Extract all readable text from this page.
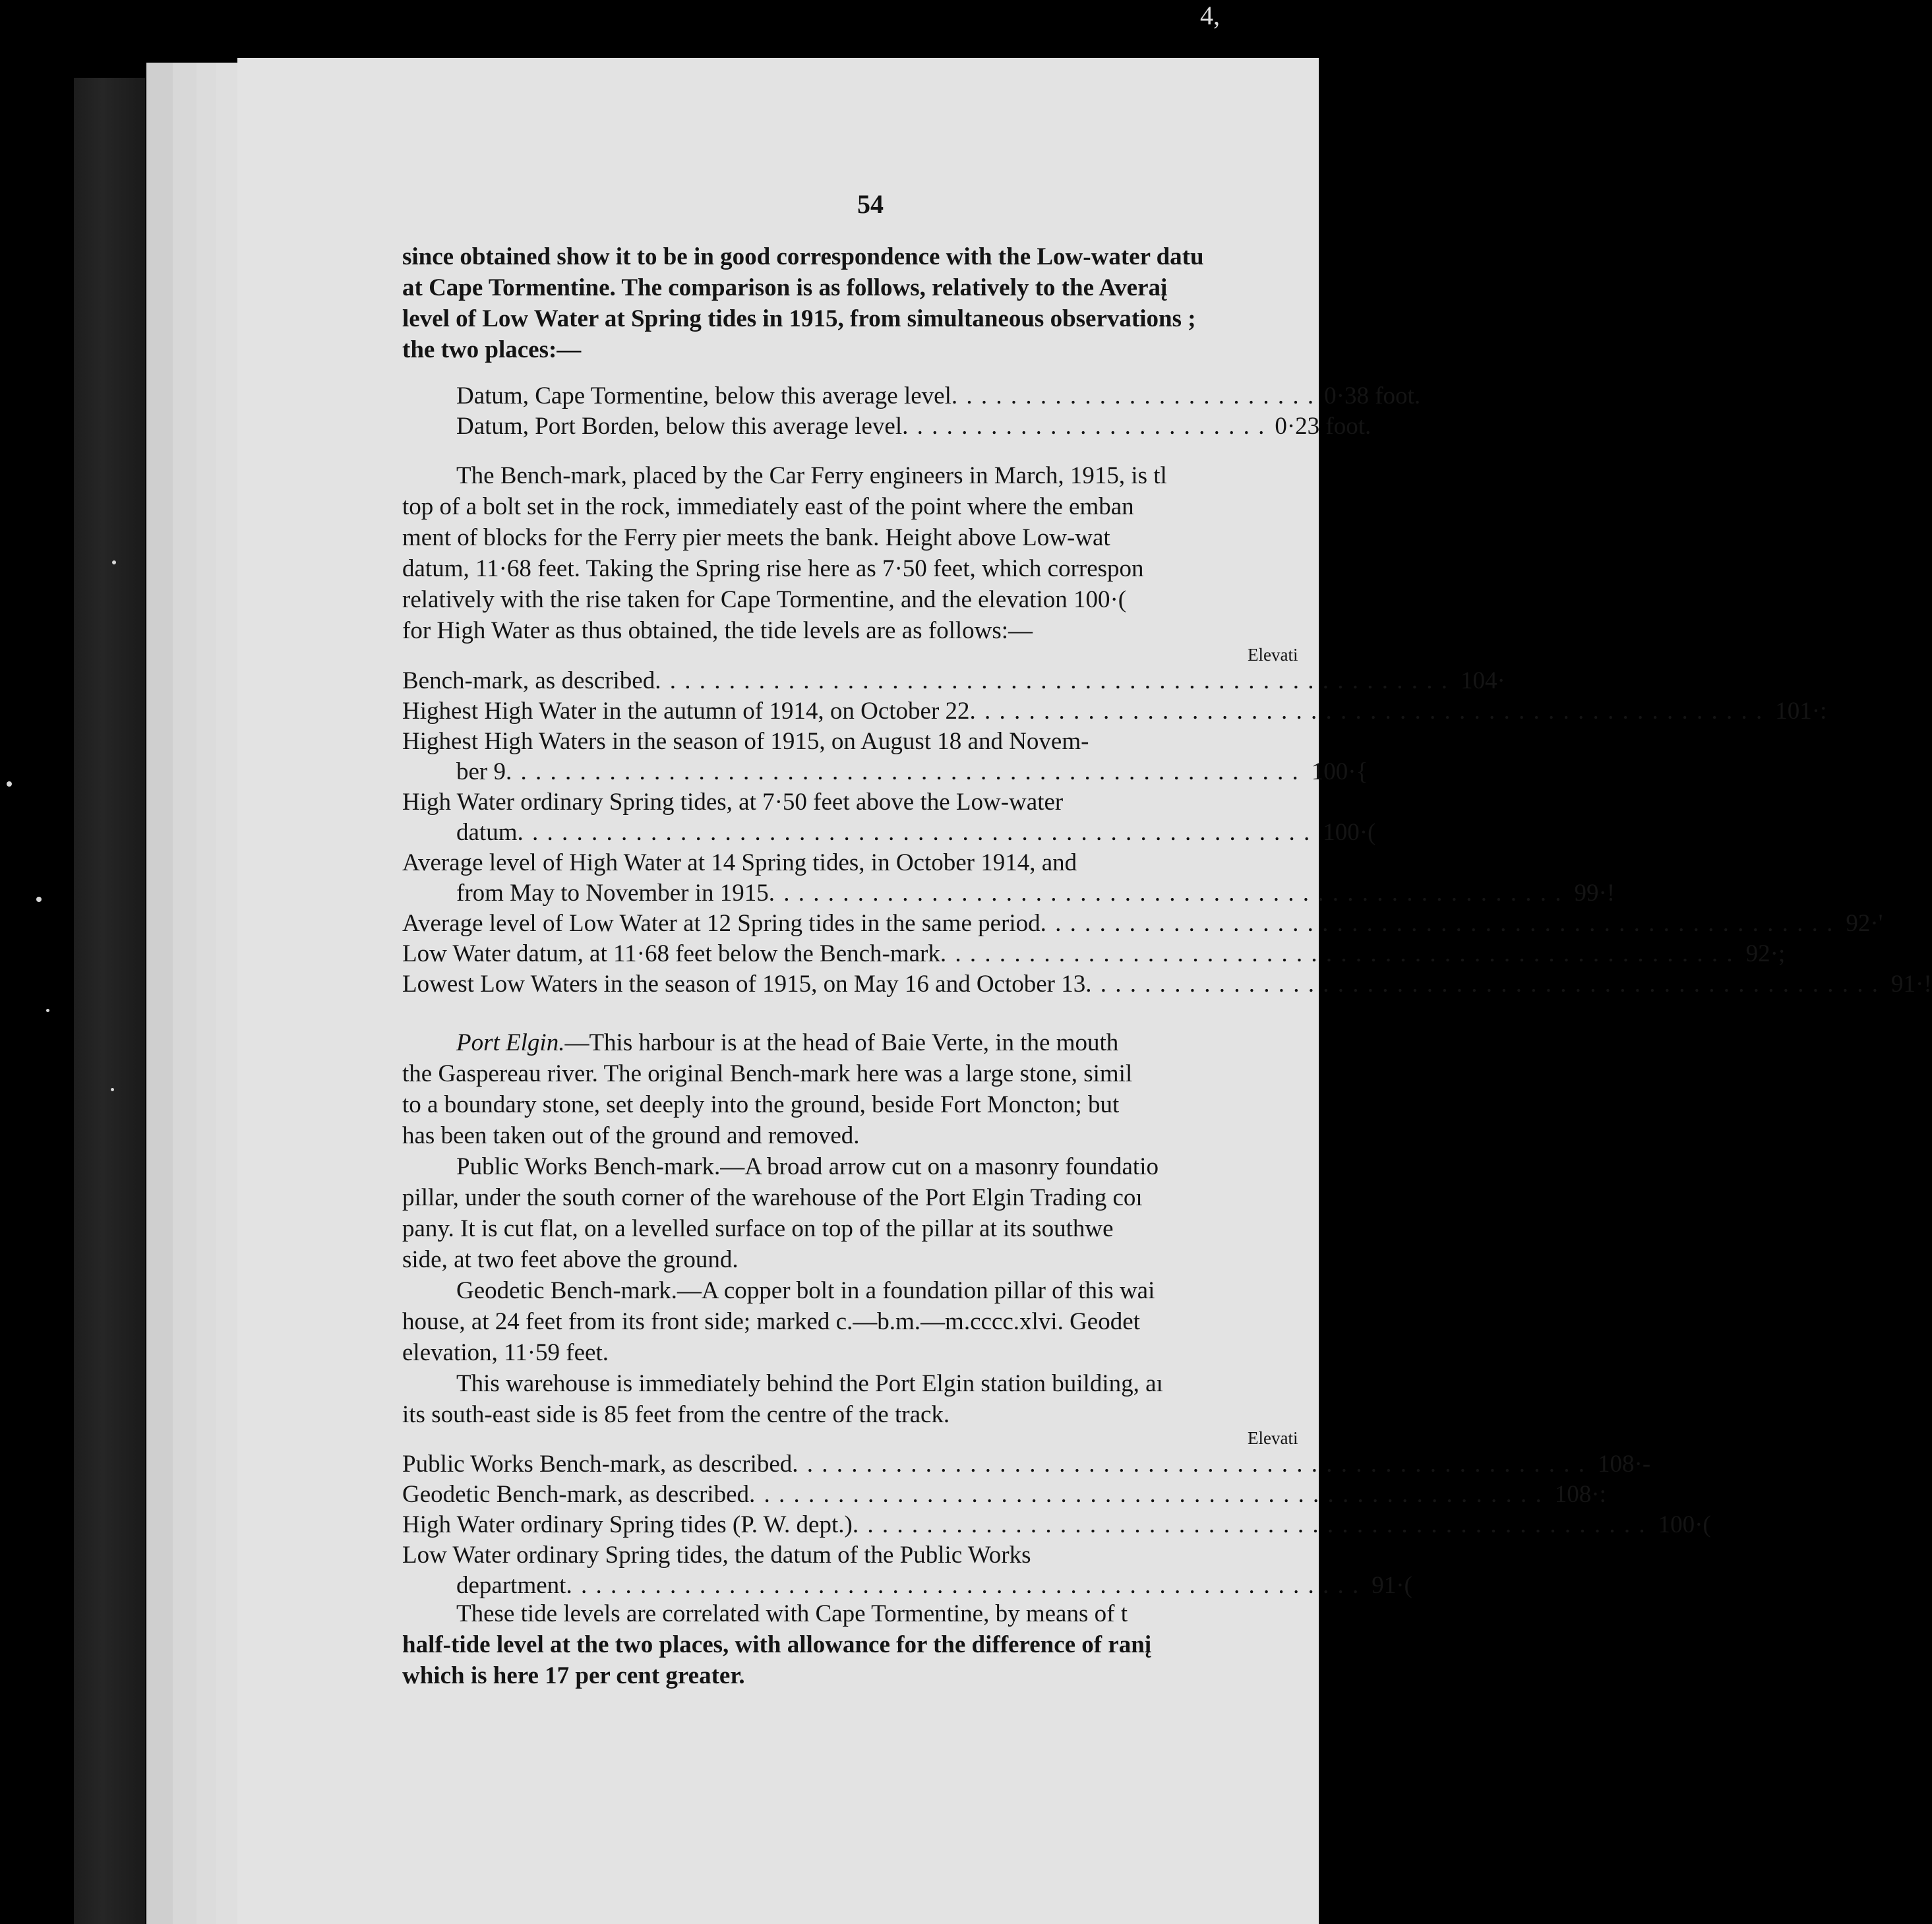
4,
54
since obtained show it to be in good correspondence with the Low-water datu
at Cape Tormentine. The comparison is as follows, relatively to the Averaį
level of Low Water at Spring tides in 1915, from simultaneous observations ;
the two places:—
Datum, Cape Tormentine, below this average level . . . . . . . . . . . . . . . . . . . . . . . . . 0·38 foot.
Datum, Port Borden, below this average level . . . . . . . . . . . . . . . . . . . . . . . . . 0·23 foot.
The Bench-mark, placed by the Car Ferry engineers in March, 1915, is tl
top of a bolt set in the rock, immediately east of the point where the emban
ment of blocks for the Ferry pier meets the bank. Height above Low-wat
datum, 11·68 feet. Taking the Spring rise here as 7·50 feet, which correspon
relatively with the rise taken for Cape Tormentine, and the elevation 100·(
for High Water as thus obtained, the tide levels are as follows:—
Elevati
Bench-mark, as described . . . . . . . . . . . . . . . . . . . . . . . . . . . . . . . . . . . . . . . . . . . . . . . . . . . . . . 104·
Highest High Water in the autumn of 1914, on October 22 . . . . . . . . . . . . . . . . . . . . . . . . . . . . . . . . . . . . . . . . . . . . . . . . . . . . . . 101·:
Highest High Waters in the season of 1915, on August 18 and Novem-
ber 9 . . . . . . . . . . . . . . . . . . . . . . . . . . . . . . . . . . . . . . . . . . . . . . . . . . . . . . 100·{
High Water ordinary Spring tides, at 7·50 feet above the Low-water
datum . . . . . . . . . . . . . . . . . . . . . . . . . . . . . . . . . . . . . . . . . . . . . . . . . . . . . . 100·(
Average level of High Water at 14 Spring tides, in October 1914, and
from May to November in 1915 . . . . . . . . . . . . . . . . . . . . . . . . . . . . . . . . . . . . . . . . . . . . . . . . . . . . . . 99·!
Average level of Low Water at 12 Spring tides in the same period . . . . . . . . . . . . . . . . . . . . . . . . . . . . . . . . . . . . . . . . . . . . . . . . . . . . . . 92·'
Low Water datum, at 11·68 feet below the Bench-mark . . . . . . . . . . . . . . . . . . . . . . . . . . . . . . . . . . . . . . . . . . . . . . . . . . . . . . 92·;
Lowest Low Waters in the season of 1915, on May 16 and October 13 . . . . . . . . . . . . . . . . . . . . . . . . . . . . . . . . . . . . . . . . . . . . . . . . . . . . . . 91·!
Port Elgin.—This harbour is at the head of Baie Verte, in the mouth
the Gaspereau river. The original Bench-mark here was a large stone, simil
to a boundary stone, set deeply into the ground, beside Fort Moncton; but
has been taken out of the ground and removed.
Public Works Bench-mark.—A broad arrow cut on a masonry foundatio
pillar, under the south corner of the warehouse of the Port Elgin Trading coı
pany. It is cut flat, on a levelled surface on top of the pillar at its southwe
side, at two feet above the ground.
Geodetic Bench-mark.—A copper bolt in a foundation pillar of this wai
house, at 24 feet from its front side; marked c.—b.m.—m.cccc.xlvi. Geodet
elevation, 11·59 feet.
This warehouse is immediately behind the Port Elgin station building, aı
its south-east side is 85 feet from the centre of the track.
Elevati
Public Works Bench-mark, as described . . . . . . . . . . . . . . . . . . . . . . . . . . . . . . . . . . . . . . . . . . . . . . . . . . . . . . 108·-
Geodetic Bench-mark, as described . . . . . . . . . . . . . . . . . . . . . . . . . . . . . . . . . . . . . . . . . . . . . . . . . . . . . . 108·:
High Water ordinary Spring tides (P. W. dept.) . . . . . . . . . . . . . . . . . . . . . . . . . . . . . . . . . . . . . . . . . . . . . . . . . . . . . . 100·(
Low Water ordinary Spring tides, the datum of the Public Works
department . . . . . . . . . . . . . . . . . . . . . . . . . . . . . . . . . . . . . . . . . . . . . . . . . . . . . . 91·(
These tide levels are correlated with Cape Tormentine, by means of t
half-tide level at the two places, with allowance for the difference of ranį
which is here 17 per cent greater.
